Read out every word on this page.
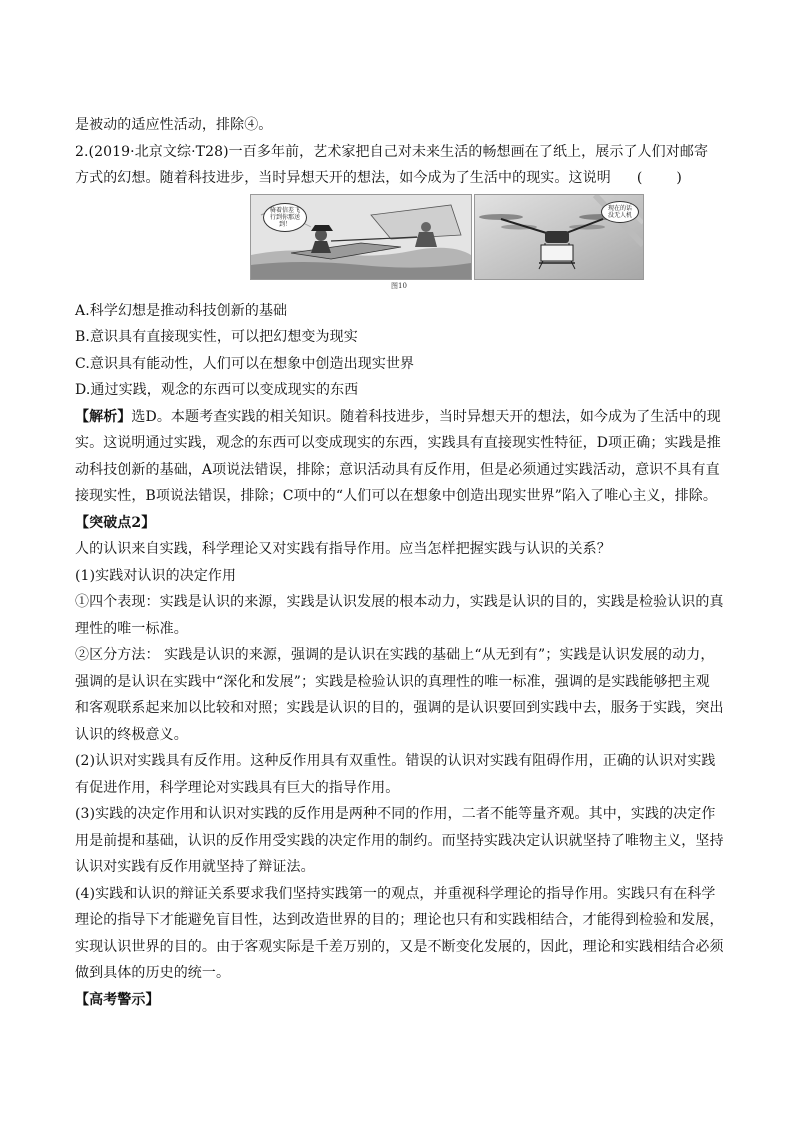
是被动的适应性活动，排除④。
2.(2019·北京文综·T28)一百多年前，艺术家把自己对未来生活的畅想画在了纸上，展示了人们对邮寄
方式的幻想。随着科技进步，当时异想天开的想法，如今成为了生活中的现实。这说明 ( )
骑着信差飞行到你那送到！
现在的话没无人机
图10
A.科学幻想是推动科技创新的基础
B.意识具有直接现实性，可以把幻想变为现实
C.意识具有能动性，人们可以在想象中创造出现实世界
D.通过实践，观念的东西可以变成现实的东西
【解析】选D。本题考查实践的相关知识。随着科技进步，当时异想天开的想法，如今成为了生活中的现
实。这说明通过实践，观念的东西可以变成现实的东西，实践具有直接现实性特征，D项正确；实践是推
动科技创新的基础，A项说法错误，排除；意识活动具有反作用，但是必须通过实践活动，意识不具有直
接现实性，B项说法错误，排除；C项中的“人们可以在想象中创造出现实世界”陷入了唯心主义，排除。
【突破点2】
人的认识来自实践，科学理论又对实践有指导作用。应当怎样把握实践与认识的关系？
(1)实践对认识的决定作用
①四个表现：实践是认识的来源，实践是认识发展的根本动力，实践是认识的目的，实践是检验认识的真
理性的唯一标准。
②区分方法： 实践是认识的来源，强调的是认识在实践的基础上“从无到有”；实践是认识发展的动力，
强调的是认识在实践中“深化和发展”；实践是检验认识的真理性的唯一标准，强调的是实践能够把主观
和客观联系起来加以比较和对照；实践是认识的目的，强调的是认识要回到实践中去，服务于实践，突出
认识的终极意义。
(2)认识对实践具有反作用。这种反作用具有双重性。错误的认识对实践有阻碍作用，正确的认识对实践
有促进作用，科学理论对实践具有巨大的指导作用。
(3)实践的决定作用和认识对实践的反作用是两种不同的作用，二者不能等量齐观。其中，实践的决定作
用是前提和基础，认识的反作用受实践的决定作用的制约。而坚持实践决定认识就坚持了唯物主义，坚持
认识对实践有反作用就坚持了辩证法。
(4)实践和认识的辩证关系要求我们坚持实践第一的观点，并重视科学理论的指导作用。实践只有在科学
理论的指导下才能避免盲目性，达到改造世界的目的；理论也只有和实践相结合，才能得到检验和发展，
实现认识世界的目的。由于客观实际是千差万别的，又是不断变化发展的，因此，理论和实践相结合必须
做到具体的历史的统一。
【高考警示】
